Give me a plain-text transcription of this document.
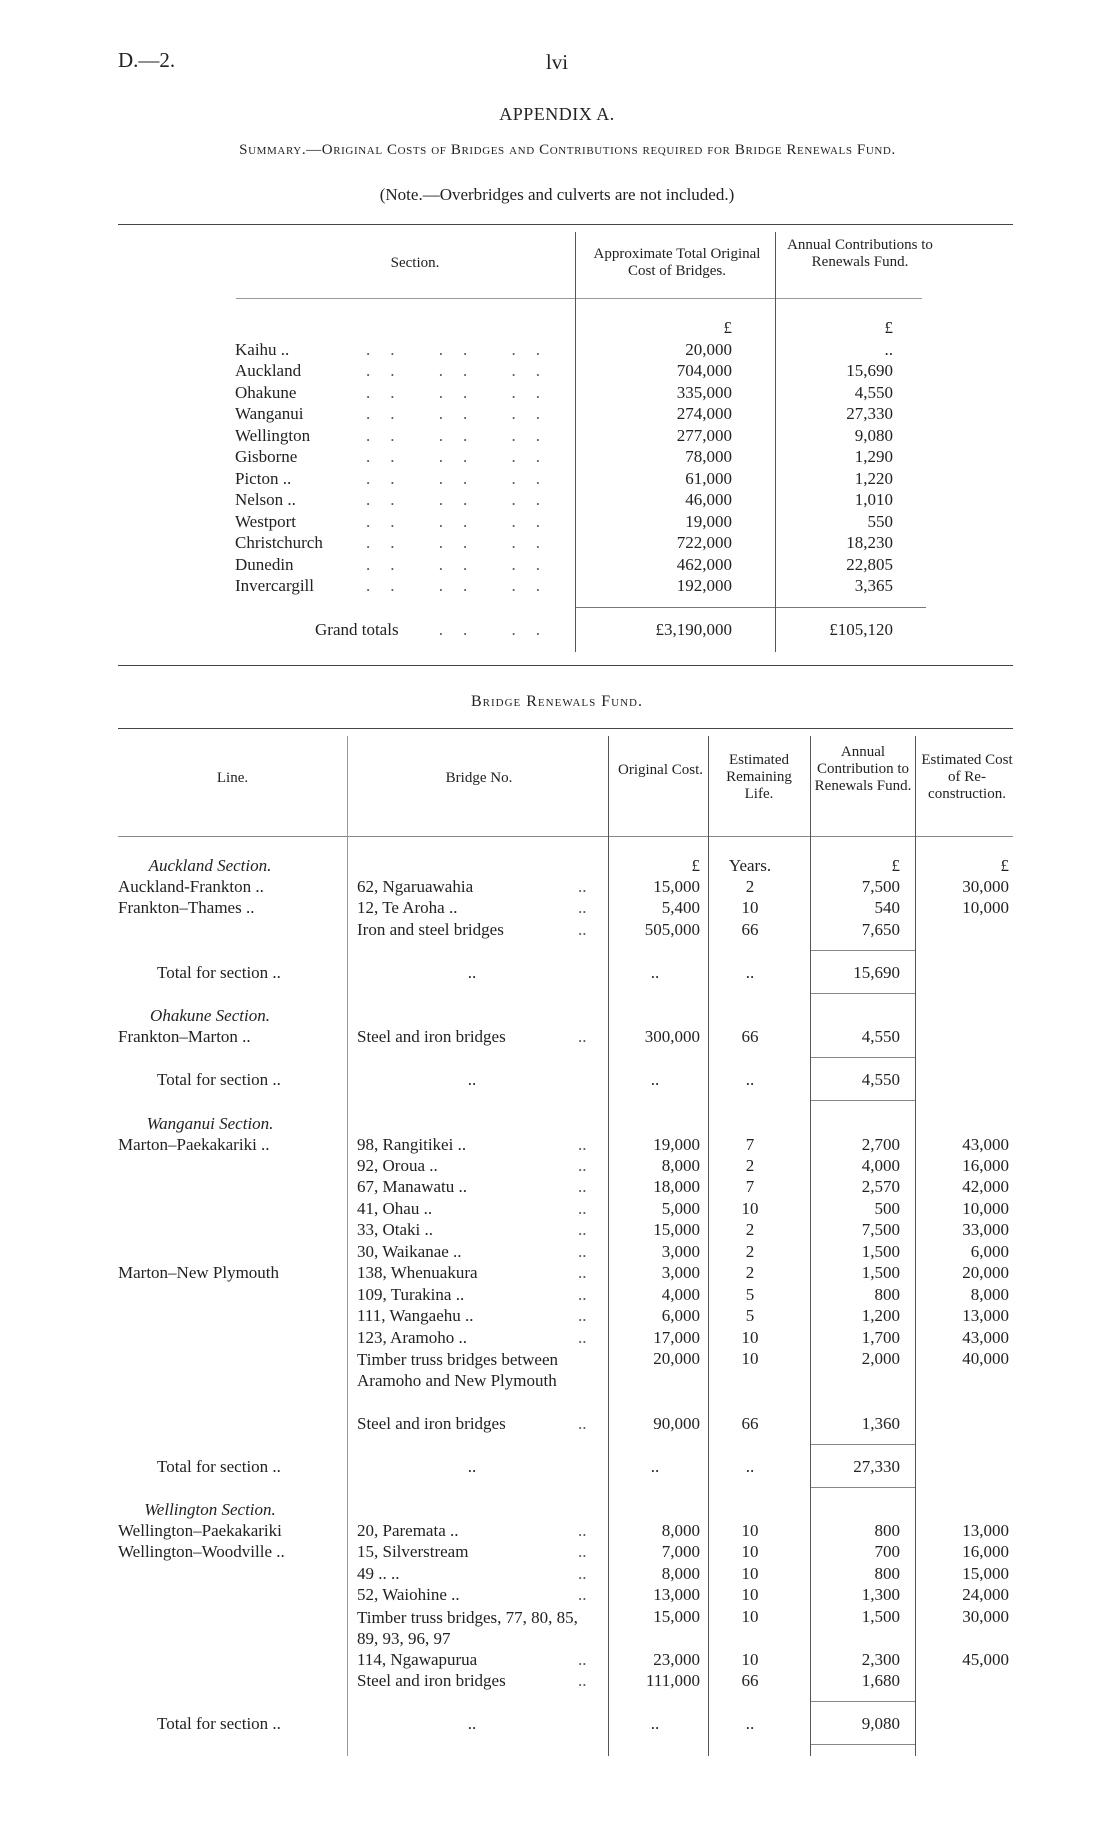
D.—2.	lvi
APPENDIX A.
Summary.—Original Costs of Bridges and Contributions required for Bridge Renewals Fund.
(Note.—Overbridges and culverts are not included.)
Section.
Approximate Total Original Cost of Bridges.
Annual Contributions to Renewals Fund.
£	£
Kaihu ..	.. .. ..	20,000	..
Auckland	.. .. ..	704,000	15,690
Ohakune	.. .. ..	335,000	4,550
Wanganui	.. .. ..	274,000	27,330
Wellington	.. .. ..	277,000	9,080
Gisborne	.. .. ..	78,000	1,290
Picton ..	.. .. ..	61,000	1,220
Nelson ..	.. .. ..	46,000	1,010
Westport	.. .. ..	19,000	550
Christchurch	.. .. ..	722,000	18,230
Dunedin	.. .. ..	462,000	22,805
Invercargill	.. .. ..	192,000	3,365
Grand totals	.. ..	£3,190,000	£105,120
Bridge Renewals Fund.
Line.	Bridge No.	Original Cost.
Estimated Remaining Life.
Annual Contribution to Renewals Fund.
Estimated Cost of Re-construction.
Auckland Section.	£	Years.	£	£
Auckland-Frankton ..	62, Ngaruawahia	..	15,000	2	7,500	30,000
Frankton–Thames ..	12, Te Aroha ..	..	5,400	10	540	10,000
Iron and steel bridges	..	505,000	66	7,650
Total for section ..	..	..	..	15,690
Ohakune Section.
Frankton–Marton ..	Steel and iron bridges	..	300,000	66	4,550
Total for section ..	..	..	..	4,550
Wanganui Section.
Marton–Paekakariki ..	98, Rangitikei ..	..	19,000	7	2,700	43,000
92, Oroua ..	..	8,000	2	4,000	16,000
67, Manawatu ..	..	18,000	7	2,570	42,000
41, Ohau ..	..	5,000	10	500	10,000
33, Otaki ..	..	15,000	2	7,500	33,000
30, Waikanae ..	..	3,000	2	1,500	6,000
Marton–New Plymouth	138, Whenuakura	..	3,000	2	1,500	20,000
109, Turakina ..	..	4,000	5	800	8,000
111, Wangaehu ..	..	6,000	5	1,200	13,000
123, Aramoho ..	..	17,000	10	1,700	43,000
Timber truss bridges between Aramoho and New Plymouth
20,000	10	2,000	40,000
Steel and iron bridges	..	90,000	66	1,360
Total for section ..	..	..	..	27,330
Wellington Section.
Wellington–Paekakariki	20, Paremata ..	..	8,000	10	800	13,000
Wellington–Woodville ..	15, Silverstream	..	7,000	10	700	16,000
49 .. ..	..	8,000	10	800	15,000
52, Waiohine ..	..	13,000	10	1,300	24,000
Timber truss bridges, 77, 80, 85, 89, 93, 96, 97
15,000	10	1,500	30,000
114, Ngawapurua	..	23,000	10	2,300	45,000
Steel and iron bridges	..	111,000	66	1,680
Total for section ..	..	..	..	9,080
